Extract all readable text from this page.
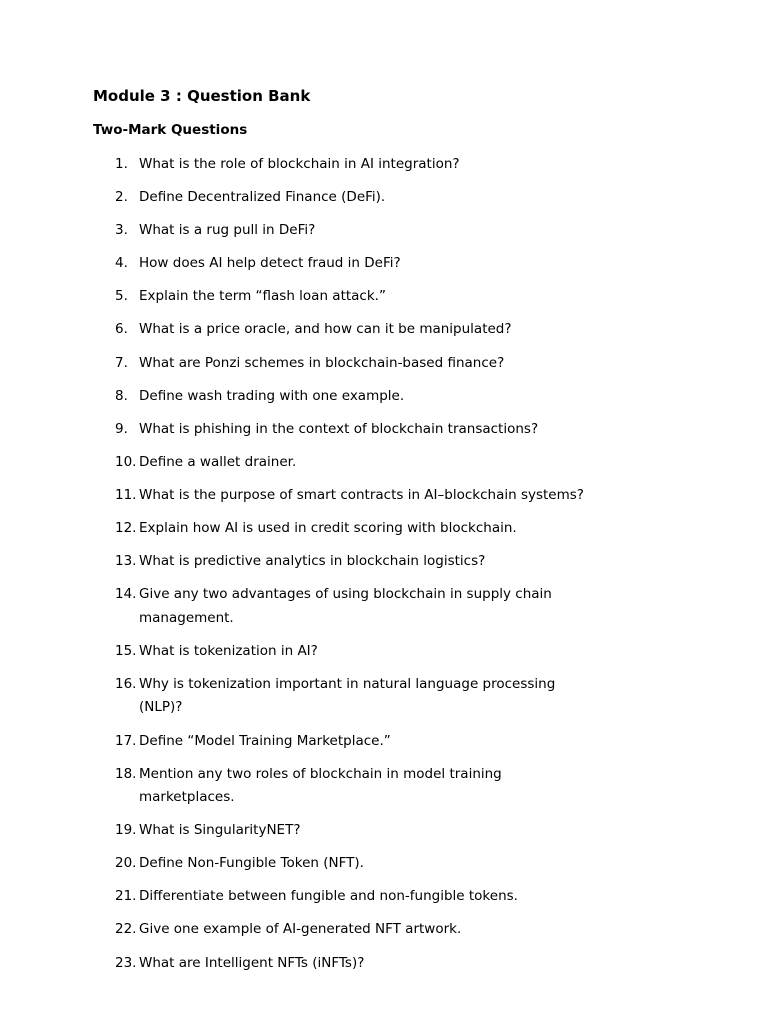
Module 3 : Question Bank
Two-Mark Questions
1. What is the role of blockchain in AI integration?
2. Define Decentralized Finance (DeFi).
3. What is a rug pull in DeFi?
4. How does AI help detect fraud in DeFi?
5. Explain the term “flash loan attack.”
6. What is a price oracle, and how can it be manipulated?
7. What are Ponzi schemes in blockchain-based finance?
8. Define wash trading with one example.
9. What is phishing in the context of blockchain transactions?
10. Define a wallet drainer.
11. What is the purpose of smart contracts in AI–blockchain systems?
12. Explain how AI is used in credit scoring with blockchain.
13. What is predictive analytics in blockchain logistics?
14. Give any two advantages of using blockchain in supply chain management.
15. What is tokenization in AI?
16. Why is tokenization important in natural language processing (NLP)?
17. Define “Model Training Marketplace.”
18. Mention any two roles of blockchain in model training marketplaces.
19. What is SingularityNET?
20. Define Non-Fungible Token (NFT).
21. Differentiate between fungible and non-fungible tokens.
22. Give one example of AI-generated NFT artwork.
23. What are Intelligent NFTs (iNFTs)?
